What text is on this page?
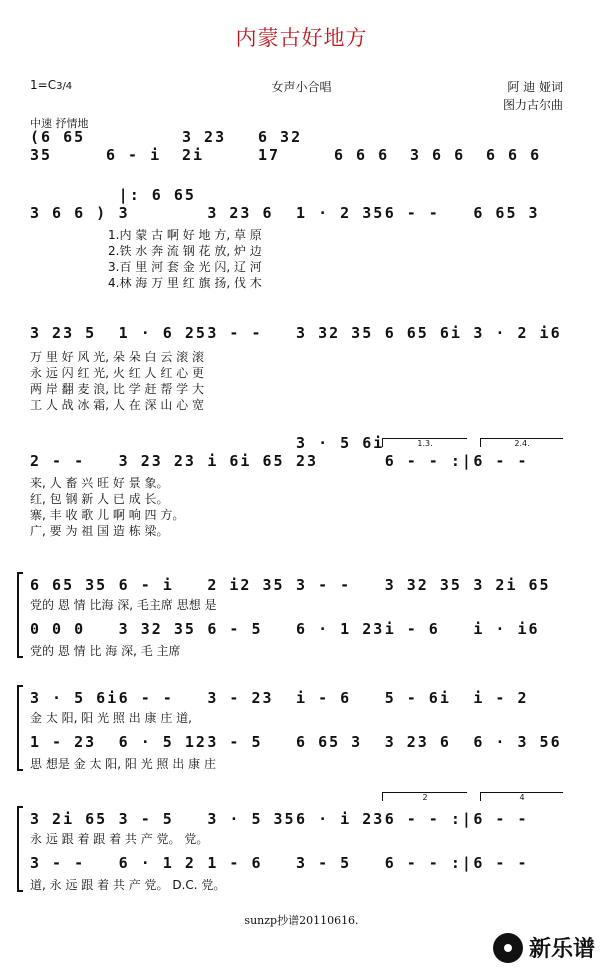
内蒙古好地方
1=C3/4	女声小合唱	阿 迪 娅词
图力古尔曲
中速 抒情地
(6 65 35	6 - i
3 23 2i
6 32 17	6 6 6	3 6 6	6 6 6
3 6 6 )
|: 6 65 3	3 23 6	1 · 2 35 6 - -	6 65 3
1.内 蒙 古 啊 好 地 方, 草 原
2.铁 水 奔 流 钢 花 放, 炉 边
3.百 里 河 套 金 光 闪, 辽 河
4.林 海 万 里 红 旗 扬, 伐 木
3 23 5	1 · 6 25 3 - -	3 32 35 6 65 6i 3 · 2 i6
万 里 好 风 光, 朵 朵 白 云 滚 滚
永 远 闪 红 光, 火 红 人 红 心 更
两 岸 翻 麦 浪, 比 学 赶 帮 学 大
工 人 战 冰 霜, 人 在 深 山 心 宽
1.3.	2.4.
2 - -	3 23 23 i 6i 65
3 · 5 6i 23	6 - - :| 6 - -
来, 人 畜 兴 旺 好 景 象。
红, 包 钢 新 人 已 成 长。
寨, 丰 收 歌 儿 啊 响 四 方。
广, 要 为 祖 国 造 栋 梁。
6 65 35 6 - i	2 i2 35 3 - -	3 32 35 3 2i 65
党的 恩 情 比海 深, 毛主席 思想 是
0 0 0	3 32 35 6 - 5	6 · 1 23 i - 6	i · i6
党的 恩 情 比 海 深, 毛 主席
3 · 5 6i 6 - -	3 - 23	i - 6	5 - 6i	i - 2
金 太 阳, 阳 光 照 出 康 庄 道,
1 - 23	6 · 5 12 3 - 5	6 65 3	3 23 6	6 · 3 56
思 想是 金 太 阳, 阳 光 照 出 康 庄
2	4
3 2i 65 3 - 5	3 · 5 35 6 · i 23 6 - - :| 6 - -
永 远 跟 着 跟 着 共 产 党。 党。
3 - -	6 · 1 2 1 - 6	3 - 5	6 - - :| 6 - -
道, 永 远 跟 着 共 产 党。 D.C. 党。
sunzp抄谱20110616.
新乐谱
